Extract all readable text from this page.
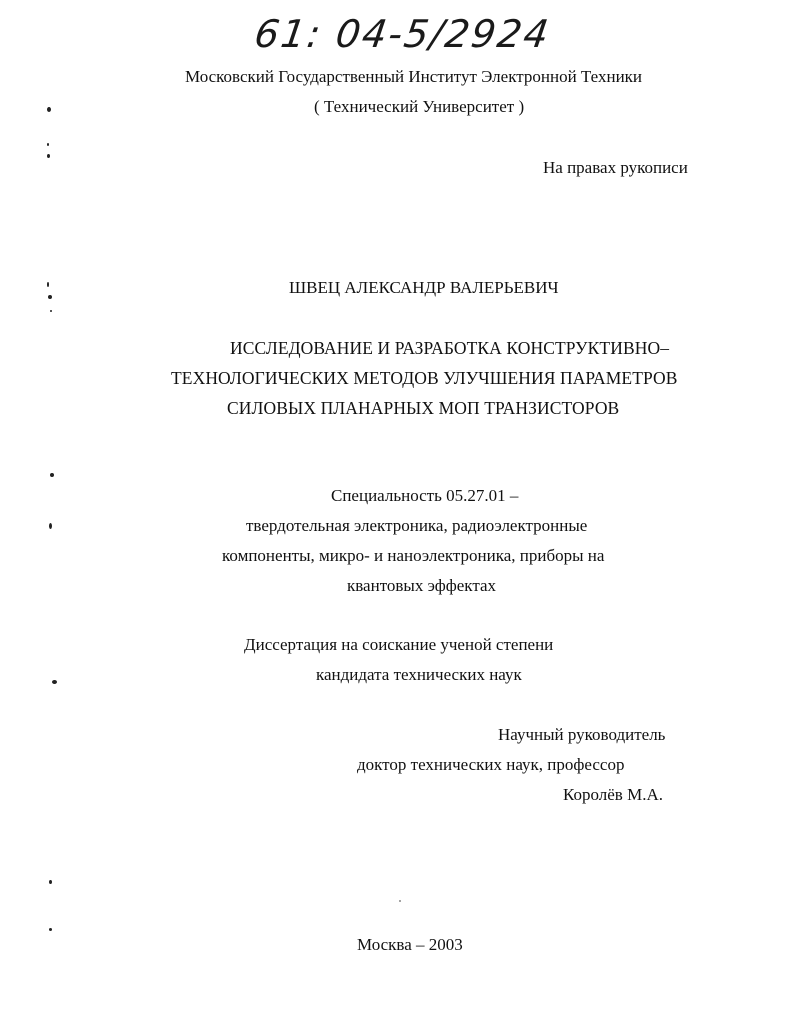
61: 04-5/2924
Московский Государственный Институт Электронной Техники
( Технический Университет )
На правах рукописи
ШВЕЦ АЛЕКСАНДР ВАЛЕРЬЕВИЧ
ИССЛЕДОВАНИЕ И РАЗРАБОТКА КОНСТРУКТИВНО–
ТЕХНОЛОГИЧЕСКИХ МЕТОДОВ УЛУЧШЕНИЯ ПАРАМЕТРОВ
СИЛОВЫХ ПЛАНАРНЫХ МОП ТРАНЗИСТОРОВ
Специальность 05.27.01 –
твердотельная электроника, радиоэлектронные
компоненты, микро- и наноэлектроника, приборы на
квантовых эффектах
Диссертация на соискание ученой степени
кандидата технических наук
Научный руководитель
доктор технических наук, профессор
Королёв М.А.
Москва – 2003
